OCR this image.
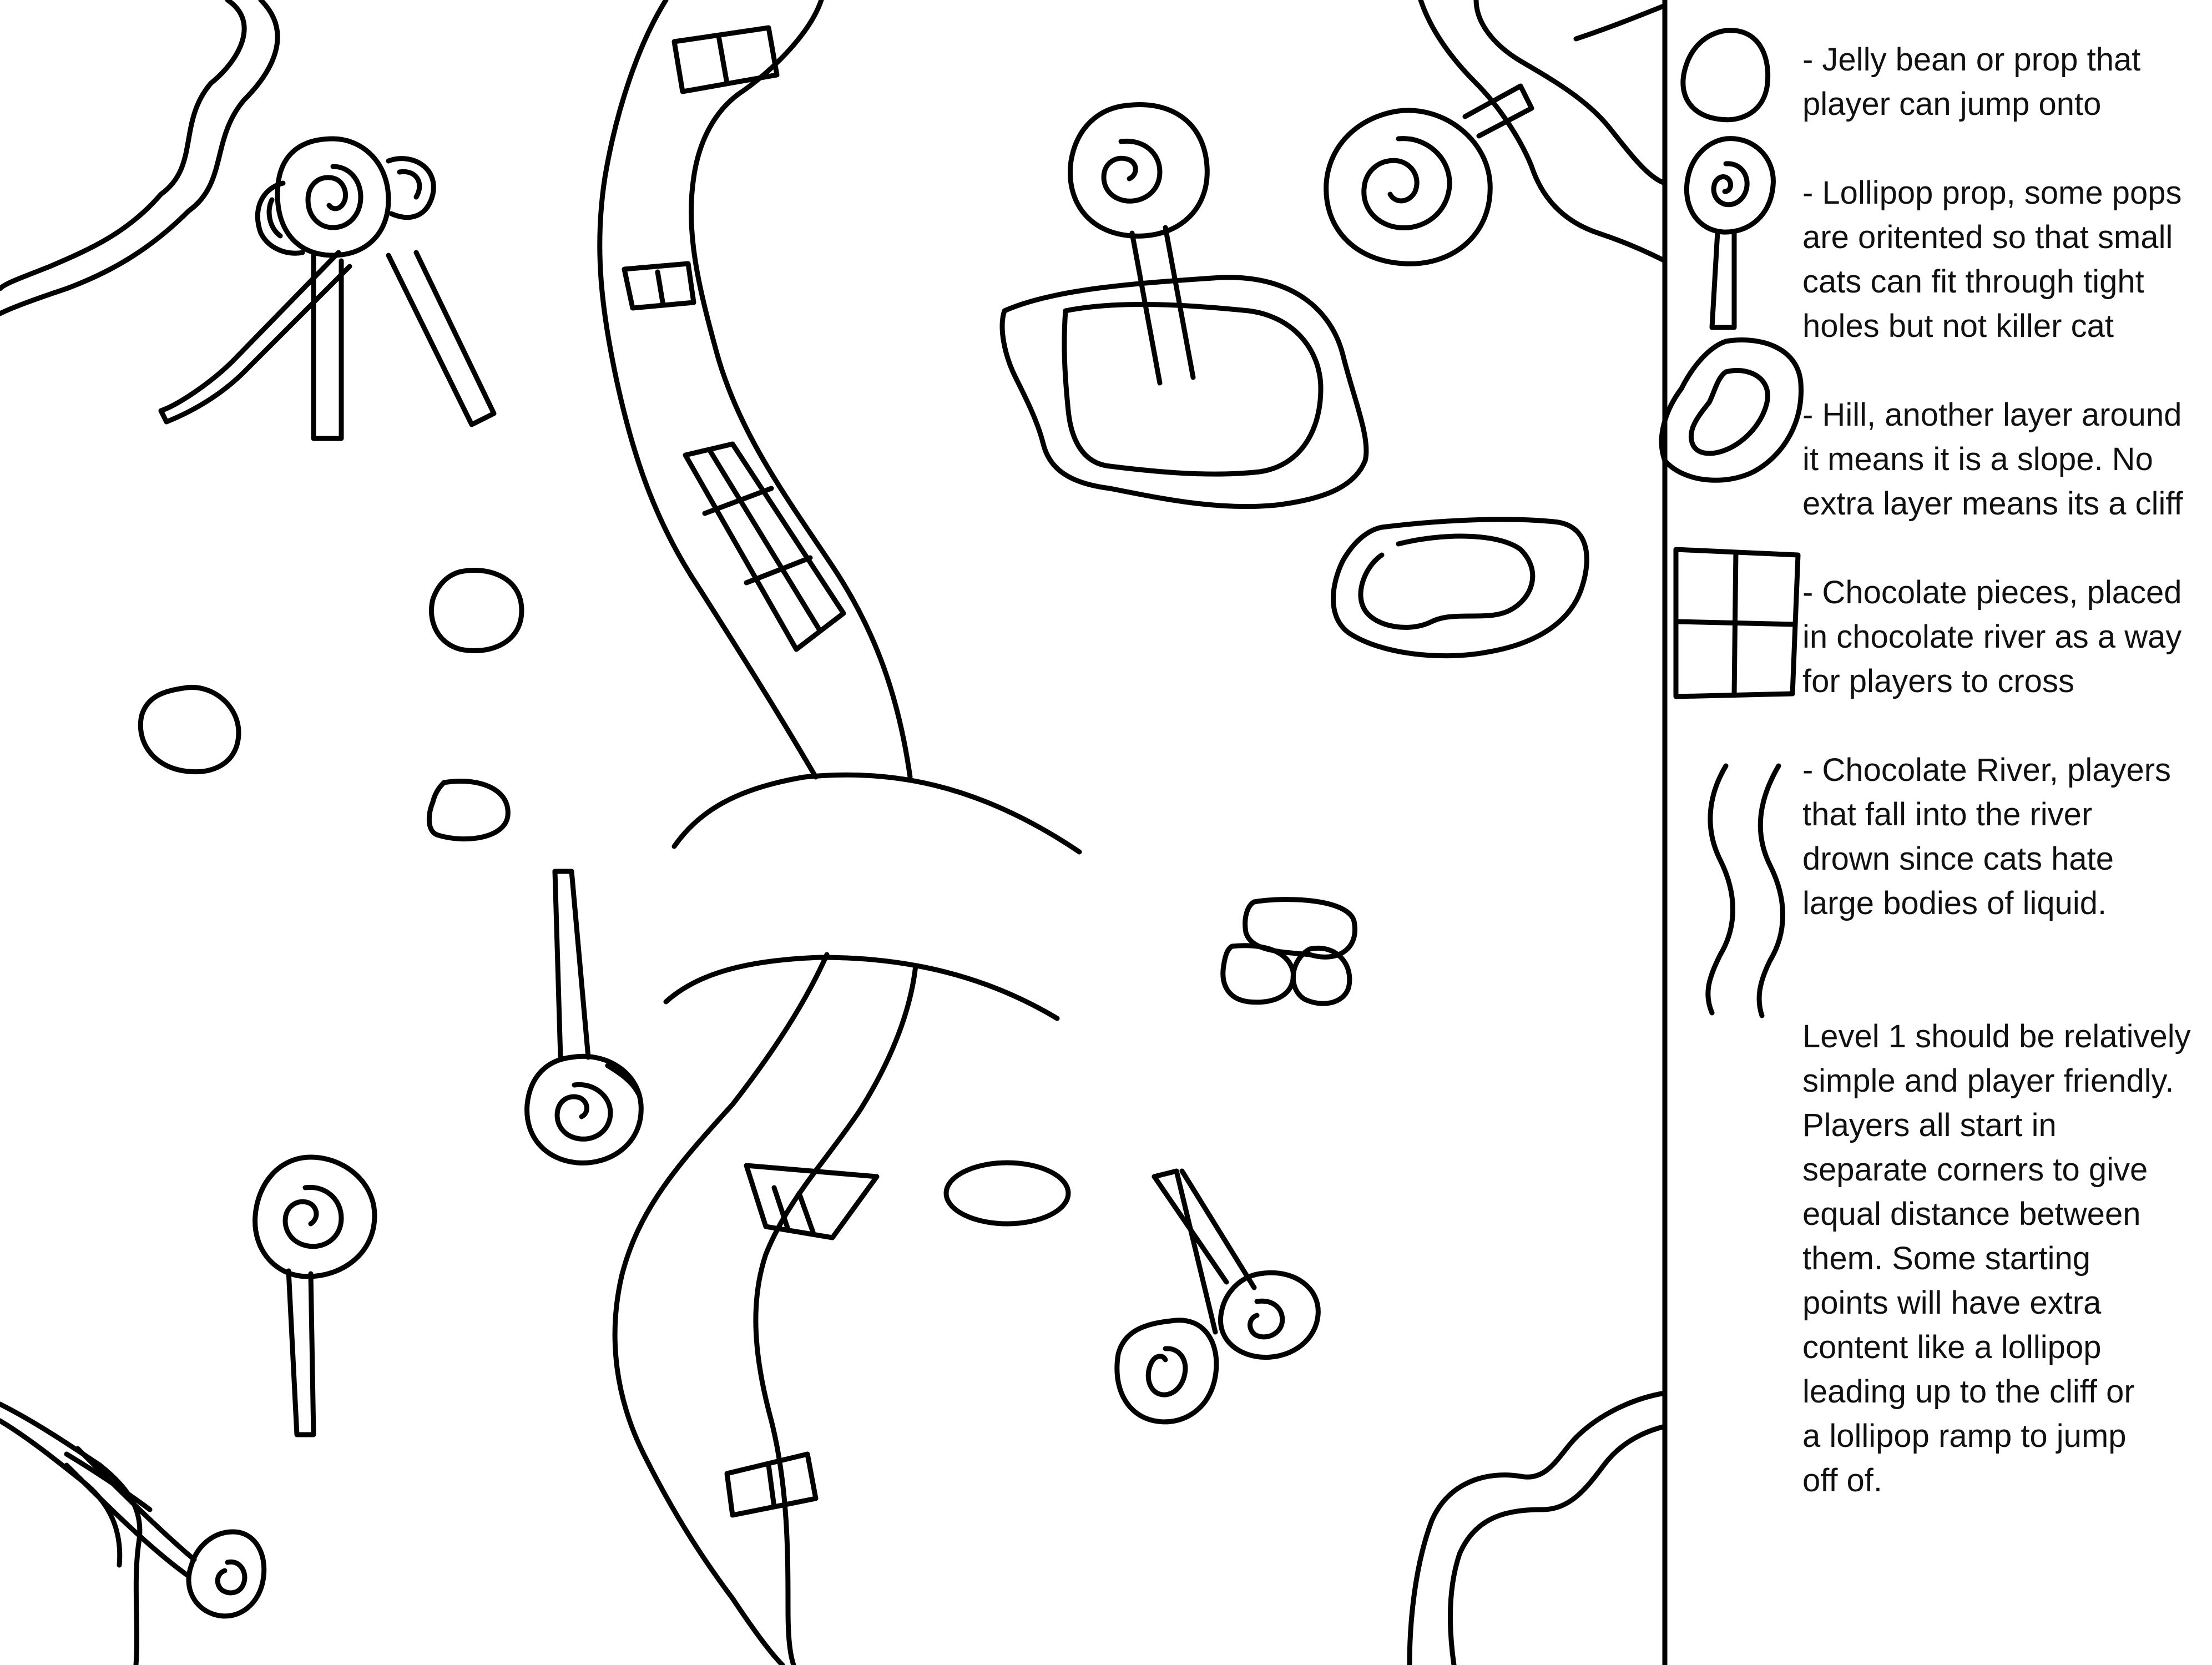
- Jelly bean or prop that
player can jump onto
- Lollipop prop, some pops
are oritented so that small
cats can fit through tight
holes but not killer cat
- Hill, another layer around
it means it is a slope. No
extra layer means its a cliff
- Chocolate pieces, placed
in chocolate river as a way
for players to cross
- Chocolate River, players
that fall into the river
drown since cats hate
large bodies of liquid.
Level 1 should be relatively
simple and player friendly.
Players all start in
separate corners to give
equal distance between
them. Some starting
points will have extra
content like a lollipop
leading up to the cliff or
a lollipop ramp to jump
off of.
